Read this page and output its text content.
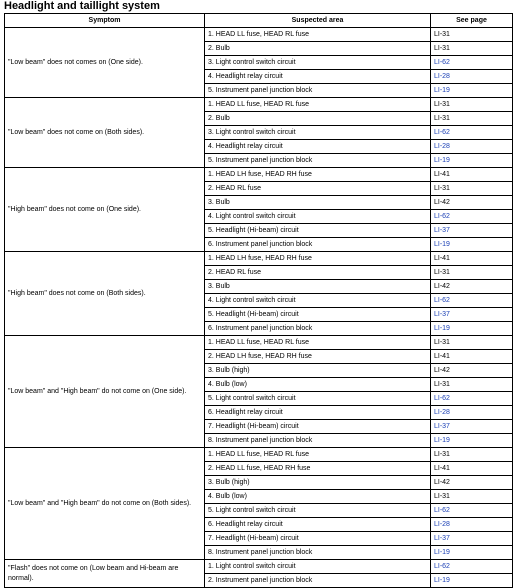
Headlight and taillight system
Symptom	Suspected area	See page
"Low beam" does not comes on (One side).	1. HEAD LL fuse, HEAD RL fuse	LI-31
	2. Bulb	LI-31
	3. Light control switch circuit	LI-62
	4. Headlight relay circuit	LI-28
	5. Instrument panel junction block	LI-19
"Low beam" does not come on (Both sides).	1. HEAD LL fuse, HEAD RL fuse	LI-31
	2. Bulb	LI-31
	3. Light control switch circuit	LI-62
	4. Headlight relay circuit	LI-28
	5. Instrument panel junction block	LI-19
"High beam" does not come on (One side).	1. HEAD LH fuse, HEAD RH fuse	LI-41
	2. HEAD RL fuse	LI-31
	3. Bulb	LI-42
	4. Light control switch circuit	LI-62
	5. Headlight (Hi-beam) circuit	LI-37
	6. Instrument panel junction block	LI-19
"High beam" does not come on (Both sides).	1. HEAD LH fuse, HEAD RH fuse	LI-41
	2. HEAD RL fuse	LI-31
	3. Bulb	LI-42
	4. Light control switch circuit	LI-62
	5. Headlight (Hi-beam) circuit	LI-37
	6. Instrument panel junction block	LI-19
"Low beam" and "High beam" do not come on (One side).	1. HEAD LL fuse, HEAD RL fuse	LI-31
	2. HEAD LH fuse, HEAD RH fuse	LI-41
	3. Bulb (high)	LI-42
	4. Bulb (low)	LI-31
	5. Light control switch circuit	LI-62
	6. Headlight relay circuit	LI-28
	7. Headlight (Hi-beam) circuit	LI-37
	8. Instrument panel junction block	LI-19
"Low beam" and "High beam" do not come on (Both sides).	1. HEAD LL fuse, HEAD RL fuse	LI-31
	2. HEAD LL fuse, HEAD RH fuse	LI-41
	3. Bulb (high)	LI-42
	4. Bulb (low)	LI-31
	5. Light control switch circuit	LI-62
	6. Headlight relay circuit	LI-28
	7. Headlight (Hi-beam) circuit	LI-37
	8. Instrument panel junction block	LI-19
"Flash" does not come on (Low beam and Hi-beam are normal).	1. Light control switch circuit	LI-62
	2. Instrument panel junction block	LI-19
